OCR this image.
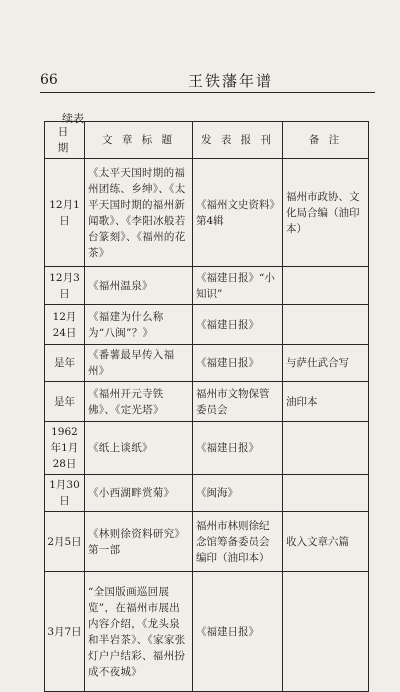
66	王铁藩年谱
续表
日 期	文 章 标 题	发 表 报 刊	备 注
12月1日	《太平天国时期的福州团练、乡绅》、《太平天国时期的福州新闻歌》、《李阳冰般若台篆刻》、《福州的花茶》	《福州文史资料》第4辑	福州市政协、文化局合编（油印本）
12月3日	《福州温泉》	《福建日报》“小知识”	
12月24日	《福建为什么称为“八闽”？》	《福建日报》	
是年	《番薯最早传入福州》	《福建日报》	与萨仕武合写
是年	《福州开元寺铁佛》、《定光塔》	福州市文物保管委员会	油印本
1962年1月28日	《纸上谈纸》	《福建日报》	
1月30日	《小西湖畔赏菊》	《闽海》	
2月5日	《林则徐资料研究》第一部	福州市林则徐纪念馆筹备委员会编印（油印本）	收入文章六篇
3月7日	“全国版画巡回展览”，在福州市展出内容介绍，《龙头泉和半岩茶》、《家家张灯户户结彩、福州扮成不夜城》	《福建日报》	
